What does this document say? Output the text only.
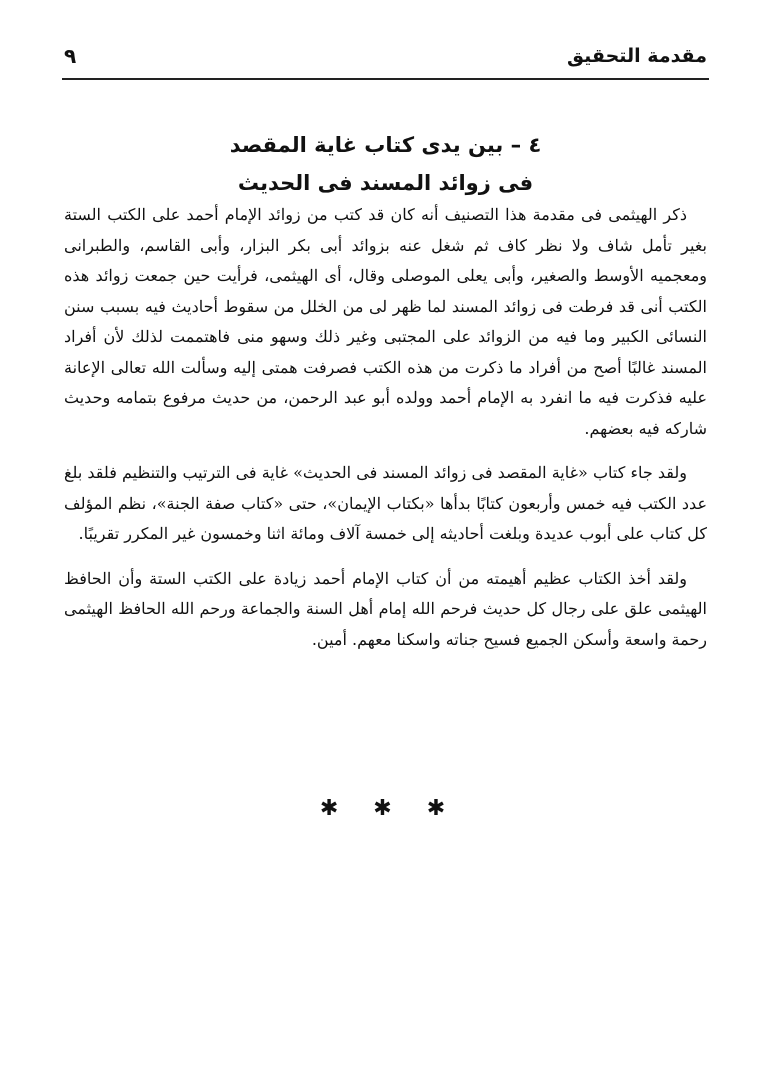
مقدمة التحقيق
٩
٤ – بين يدى كتاب غاية المقصد
فى زوائد المسند فى الحديث

ذكر الهيثمى فى مقدمة هذا التصنيف أنه كان قد كتب من زوائد الإمام أحمد على الكتب الستة بغير تأمل شاف ولا نظر كاف ثم شغل عنه بزوائد أبى بكر البزار، وأبى القاسم، والطبرانى ومعجميه الأوسط والصغير، وأبى يعلى الموصلى وقال، أى الهيثمى، فرأيت حين جمعت زوائد هذه الكتب أنى قد فرطت فى زوائد المسند لما ظهر لى من الخلل من سقوط أحاديث فيه بسبب سنن النسائى الكبير وما فيه من الزوائد على المجتبى وغير ذلك وسهو منى فاهتممت لذلك لأن أفراد المسند غالبًا أصح من أفراد ما ذكرت من هذه الكتب فصرفت همتى إليه وسألت الله تعالى الإعانة عليه فذكرت فيه ما انفرد به الإمام أحمد وولده أبو عبد الرحمن، من حديث مرفوع بتمامه وحديث شاركه فيه بعضهم.

ولقد جاء كتاب «غاية المقصد فى زوائد المسند فى الحديث» غاية فى الترتيب والتنظيم فلقد بلغ عدد الكتب فيه خمس وأربعون كتابًا بدأها «بكتاب الإيمان»، حتى «كتاب صفة الجنة»، نظم المؤلف كل كتاب على أبوب عديدة وبلغت أحاديثه إلى خمسة آلاف ومائة اثنا وخمسون غير المكرر تقريبًا.

ولقد أخذ الكتاب عظيم أهيمته من أن كتاب الإمام أحمد زيادة على الكتب الستة وأن الحافظ الهيثمى علق على رجال كل حديث فرحم الله إمام أهل السنة والجماعة ورحم الله الحافظ الهيثمى رحمة واسعة وأسكن الجميع فسيح جناته واسكنا معهم. أمين.

✱ ✱ ✱
